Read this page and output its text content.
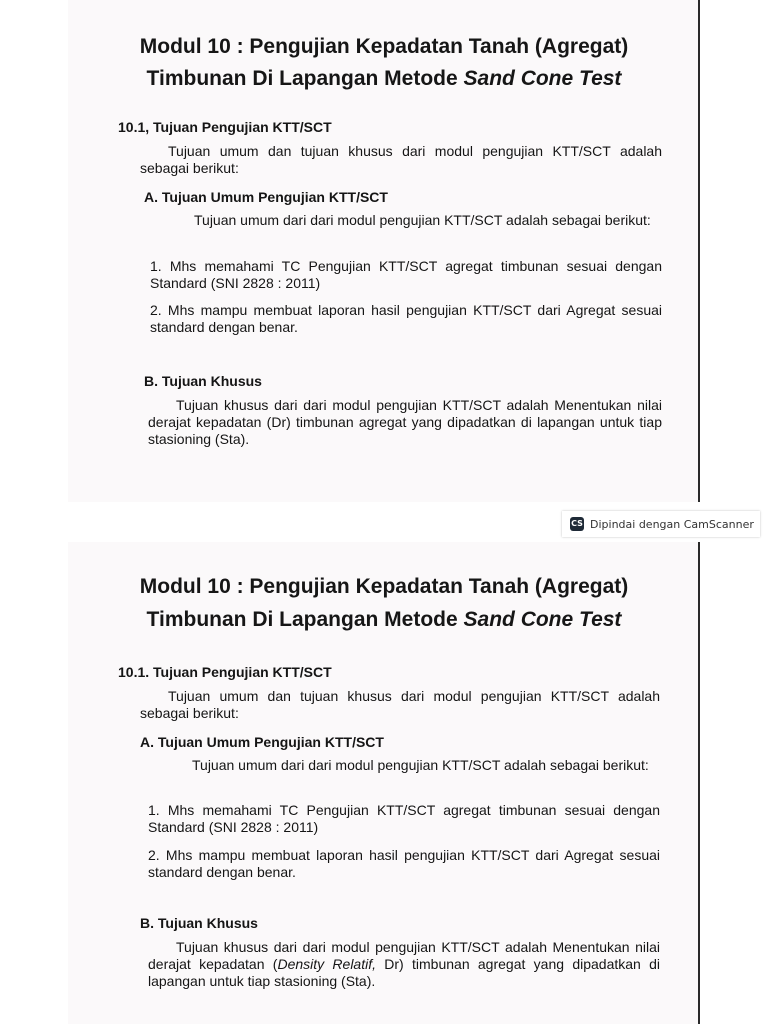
Modul 10 : Pengujian Kepadatan Tanah (Agregat)
Timbunan Di Lapangan Metode Sand Cone Test
10.1, Tujuan Pengujian KTT/SCT
Tujuan umum dan tujuan khusus dari modul pengujian KTT/SCT adalah sebagai berikut:
A. Tujuan Umum Pengujian KTT/SCT
Tujuan umum dari dari modul pengujian KTT/SCT adalah sebagai berikut:
1. Mhs memahami TC Pengujian KTT/SCT agregat timbunan sesuai dengan Standard (SNI 2828 : 2011)
2. Mhs mampu membuat laporan hasil pengujian KTT/SCT dari Agregat sesuai standard dengan benar.
B. Tujuan Khusus
Tujuan khusus dari dari modul pengujian KTT/SCT adalah Menentukan nilai derajat kepadatan (Dr) timbunan agregat yang dipadatkan di lapangan untuk tiap stasioning (Sta).
CS Dipindai dengan CamScanner
Modul 10 : Pengujian Kepadatan Tanah (Agregat)
Timbunan Di Lapangan Metode Sand Cone Test
10.1. Tujuan Pengujian KTT/SCT
Tujuan umum dan tujuan khusus dari modul pengujian KTT/SCT adalah sebagai berikut:
A. Tujuan Umum Pengujian KTT/SCT
Tujuan umum dari dari modul pengujian KTT/SCT adalah sebagai berikut:
1. Mhs memahami TC Pengujian KTT/SCT agregat timbunan sesuai dengan Standard (SNI 2828 : 2011)
2. Mhs mampu membuat laporan hasil pengujian KTT/SCT dari Agregat sesuai standard dengan benar.
B. Tujuan Khusus
Tujuan khusus dari dari modul pengujian KTT/SCT adalah Menentukan nilai derajat kepadatan (Density Relatif, Dr) timbunan agregat yang dipadatkan di lapangan untuk tiap stasioning (Sta).
